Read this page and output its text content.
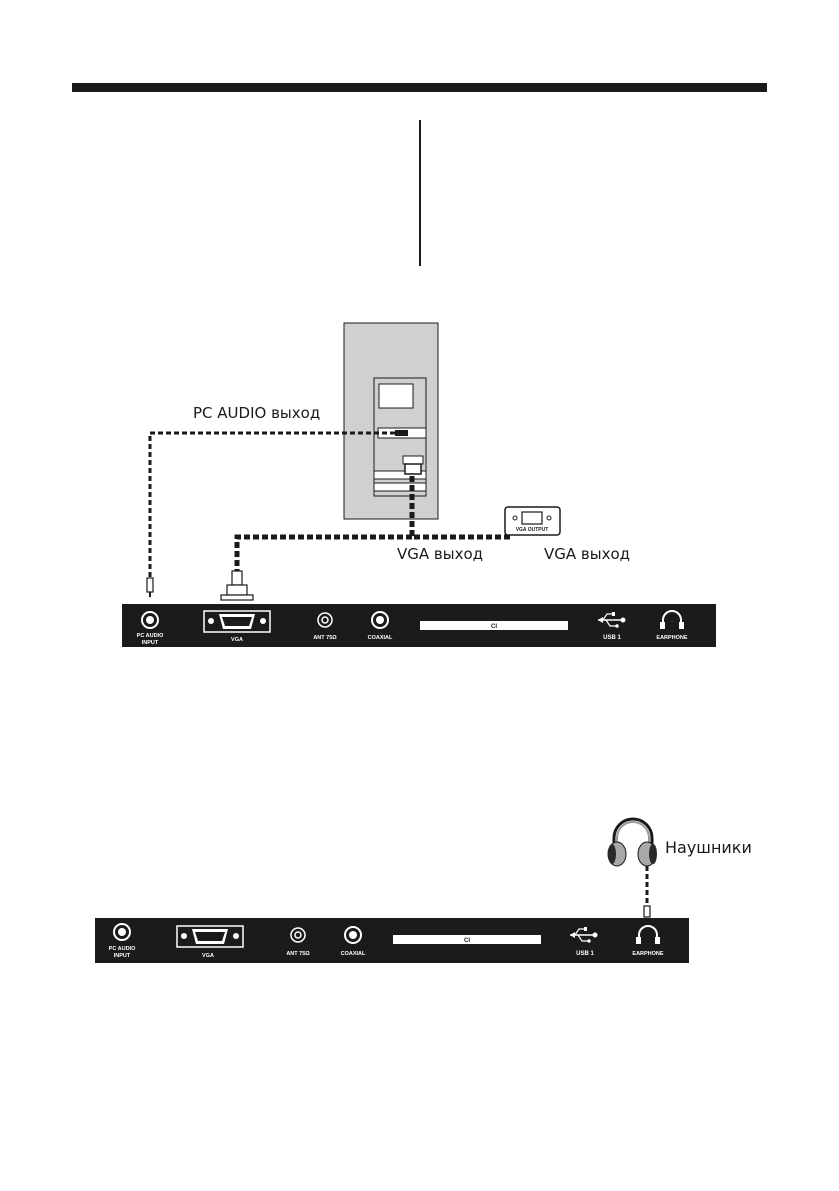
VGA OUTPUT
PC AUDIO выход
VGA выход	VGA выход
PC AUDIO
INPUT	VGA	ANT 75Ω	COAXIAL
CI
USB 1	EARPHONE
Наушники
PC AUDIO
INPUT	VGA	ANT 75Ω	COAXIAL
CI
USB 1	EARPHONE
